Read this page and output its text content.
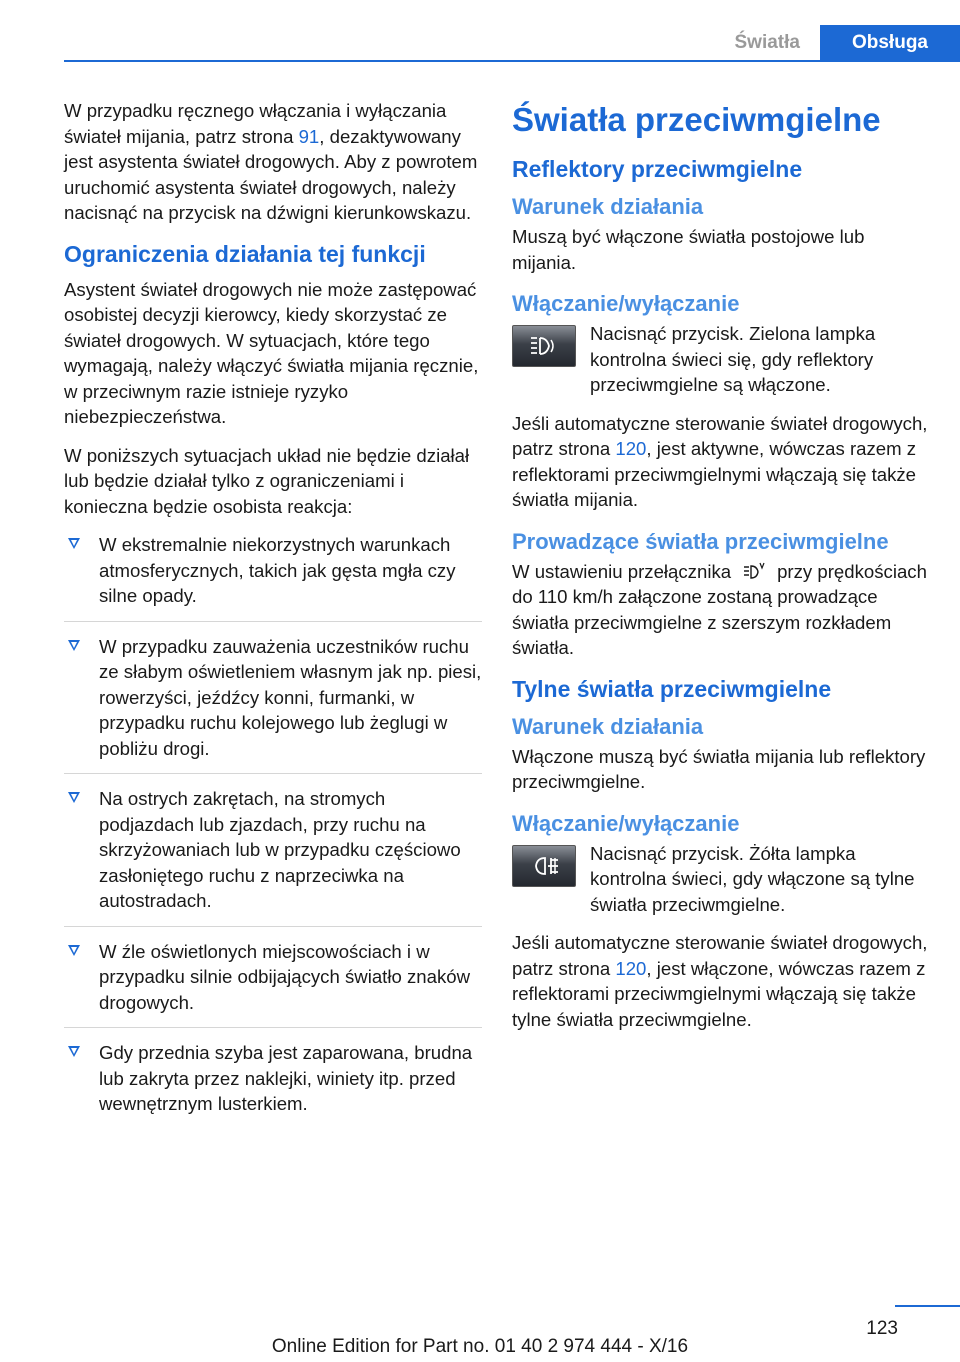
Światła	Obsługa

W przypadku ręcznego włączania i wyłączania świateł mijania, patrz strona 91, dezaktywowany jest asystenta świateł drogowych. Aby z powrotem uruchomić asystenta świateł drogowych, należy nacisnąć na przycisk na dźwigni kierunkowskazu.

Ograniczenia działania tej funkcji

Asystent świateł drogowych nie może zastępować osobistej decyzji kierowcy, kiedy skorzystać ze świateł drogowych. W sytuacjach, które tego wymagają, należy włączyć światła mijania ręcznie, w przeciwnym razie istnieje ryzyko niebezpieczeństwa.

W poniższych sytuacjach układ nie będzie działał lub będzie działał tylko z ograniczeniami i konieczna będzie osobista reakcja:

W ekstremalnie niekorzystnych warunkach atmosferycznych, takich jak gęsta mgła czy silne opady.
W przypadku zauważenia uczestników ruchu ze słabym oświetleniem własnym jak np. piesi, rowerzyści, jeźdźcy konni, furmanki, w przypadku ruchu kolejowego lub żeglugi w pobliżu drogi.
Na ostrych zakrętach, na stromych podjazdach lub zjazdach, przy ruchu na skrzyżowaniach lub w przypadku częściowo zasłoniętego ruchu z naprzeciwka na autostradach.
W źle oświetlonych miejscowościach i w przypadku silnie odbijających światło znaków drogowych.
Gdy przednia szyba jest zaparowana, brudna lub zakryta przez naklejki, winiety itp. przed wewnętrznym lusterkiem.
Światła przeciwmgielne
Reflektory przeciwmgielne
Warunek działania

Muszą być włączone światła postojowe lub mijania.

Włączanie/wyłączanie

Nacisnąć przycisk. Zielona lampka kontrolna świeci się, gdy reflektory przeciwmgielne są włączone.

Jeśli automatyczne sterowanie świateł drogowych, patrz strona 120, jest aktywne, wówczas razem z reflektorami przeciwmgielnymi włączają się także światła mijania.

Prowadzące światła przeciwmgielne

W ustawieniu przełącznika przy prędkościach do 110 km/h załączone zostaną prowadzące światła przeciwmgielne z szerszym rozkładem światła.

Tylne światła przeciwmgielne
Warunek działania

Włączone muszą być światła mijania lub reflektory przeciwmgielne.

Włączanie/wyłączanie

Nacisnąć przycisk. Żółta lampka kontrolna świeci, gdy włączone są tylne światła przeciwmgielne.

Jeśli automatyczne sterowanie świateł drogowych, patrz strona 120, jest włączone, wówczas razem z reflektorami przeciwmgielnymi włączają się także tylne światła przeciwmgielne.

123
Online Edition for Part no. 01 40 2 974 444 - X/16
